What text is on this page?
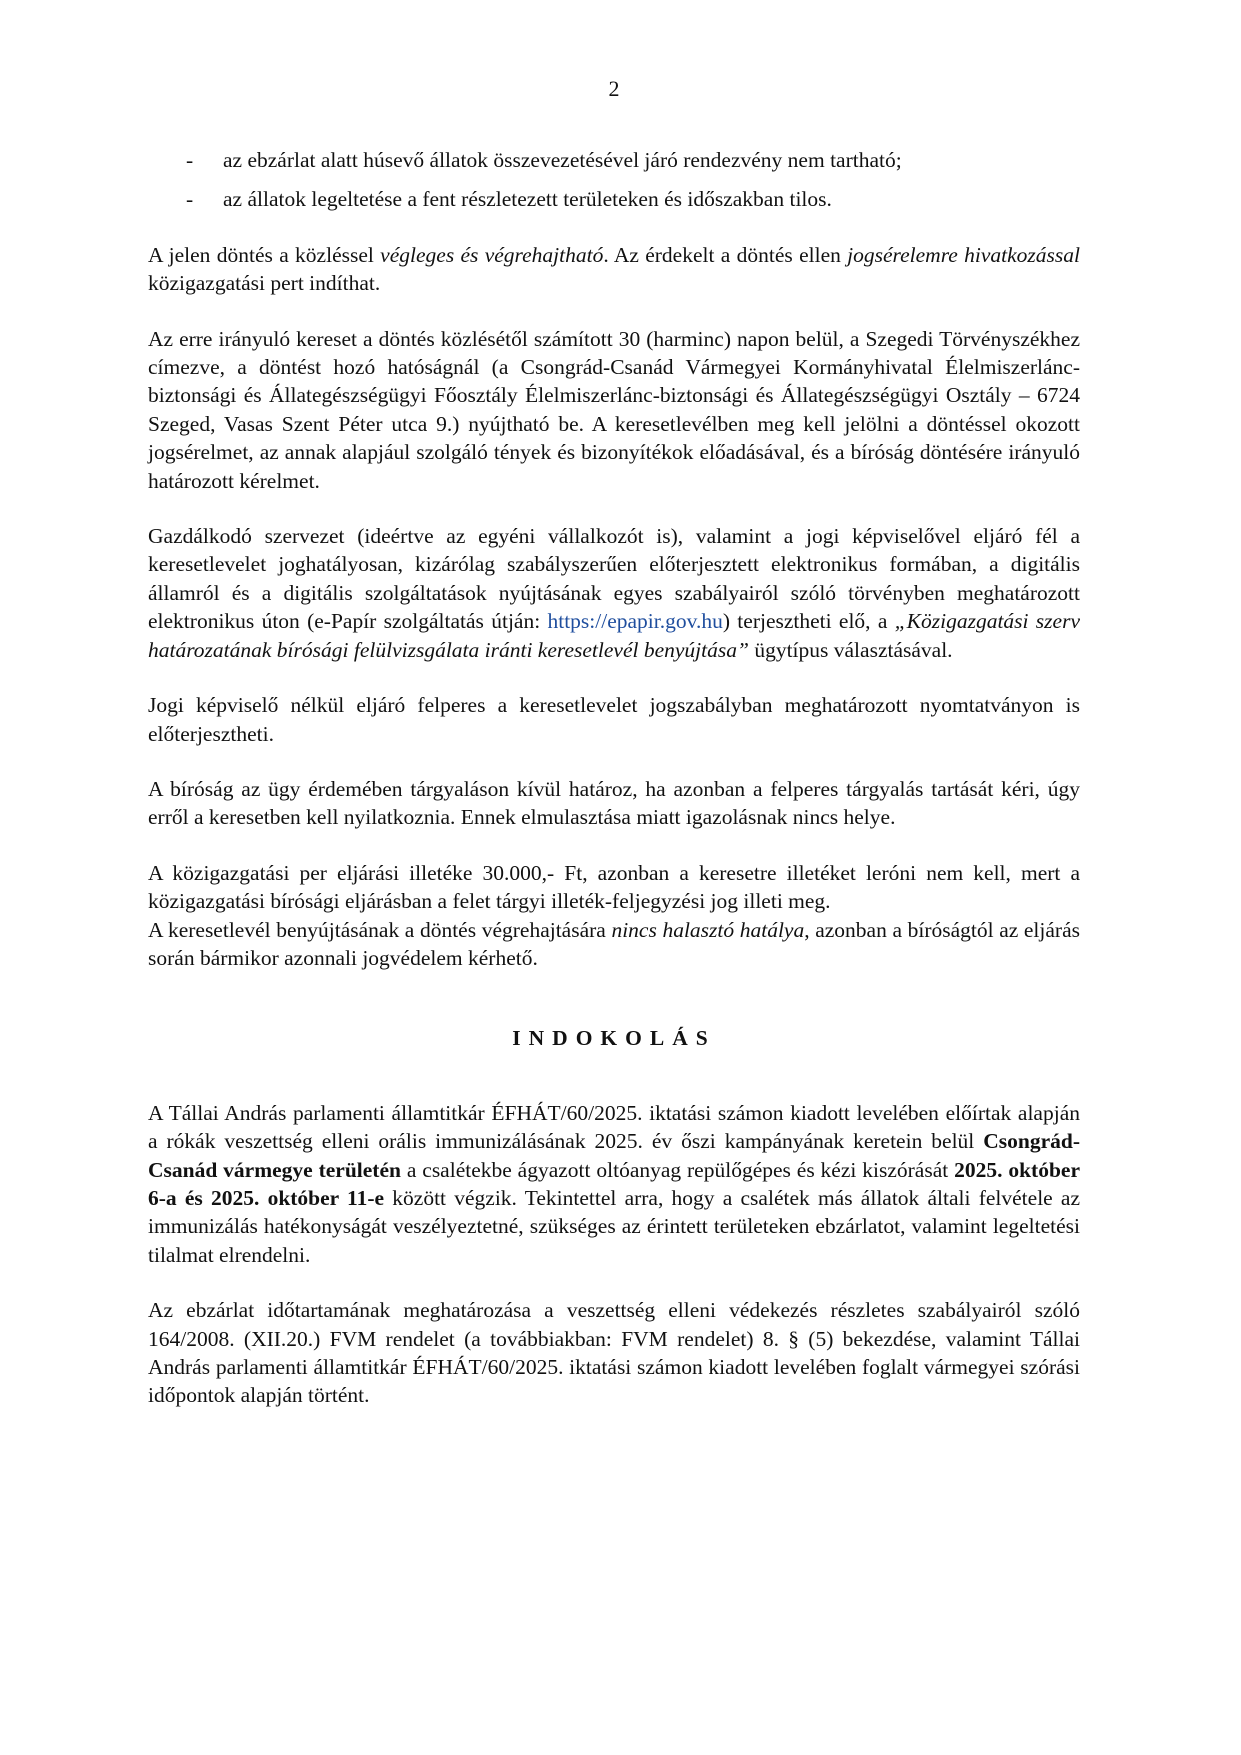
2
- az ebzárlat alatt húsevő állatok összevezetésével járó rendezvény nem tartható;
- az állatok legeltetése a fent részletezett területeken és időszakban tilos.

A jelen döntés a közléssel végleges és végrehajtható. Az érdekelt a döntés ellen jogsérelemre hivatkozással közigazgatási pert indíthat.

Az erre irányuló kereset a döntés közlésétől számított 30 (harminc) napon belül, a Szegedi Törvényszékhez címezve, a döntést hozó hatóságnál (a Csongrád-Csanád Vármegyei Kormányhivatal Élelmiszerlánc-biztonsági és Állategészségügyi Főosztály Élelmiszerlánc-biztonsági és Állategészségügyi Osztály – 6724 Szeged, Vasas Szent Péter utca 9.) nyújtható be. A keresetlevélben meg kell jelölni a döntéssel okozott jogsérelmet, az annak alapjául szolgáló tények és bizonyítékok előadásával, és a bíróság döntésére irányuló határozott kérelmet.

Gazdálkodó szervezet (ideértve az egyéni vállalkozót is), valamint a jogi képviselővel eljáró fél a keresetlevelet joghatályosan, kizárólag szabályszerűen előterjesztett elektronikus formában, a digitális államról és a digitális szolgáltatások nyújtásának egyes szabályairól szóló törvényben meghatározott elektronikus úton (e-Papír szolgáltatás útján: https://epapir.gov.hu) terjesztheti elő, a „Közigazgatási szerv határozatának bírósági felülvizsgálata iránti keresetlevél benyújtása” ügytípus választásával.

Jogi képviselő nélkül eljáró felperes a keresetlevelet jogszabályban meghatározott nyomtatványon is előterjesztheti.

A bíróság az ügy érdemében tárgyaláson kívül határoz, ha azonban a felperes tárgyalás tartását kéri, úgy erről a keresetben kell nyilatkoznia. Ennek elmulasztása miatt igazolásnak nincs helye.

A közigazgatási per eljárási illetéke 30.000,- Ft, azonban a keresetre illetéket leróni nem kell, mert a közigazgatási bírósági eljárásban a felet tárgyi illeték-feljegyzési jog illeti meg.

A keresetlevél benyújtásának a döntés végrehajtására nincs halasztó hatálya, azonban a bíróságtól az eljárás során bármikor azonnali jogvédelem kérhető.

INDOKOLÁS

A Tállai András parlamenti államtitkár ÉFHÁT/60/2025. iktatási számon kiadott levelében előírtak alapján a rókák veszettség elleni orális immunizálásának 2025. év őszi kampányának keretein belül Csongrád-Csanád vármegye területén a csalétekbe ágyazott oltóanyag repülőgépes és kézi kiszórását 2025. október 6-a és 2025. október 11-e között végzik. Tekintettel arra, hogy a csalétek más állatok általi felvétele az immunizálás hatékonyságát veszélyeztetné, szükséges az érintett területeken ebzárlatot, valamint legeltetési tilalmat elrendelni.

Az ebzárlat időtartamának meghatározása a veszettség elleni védekezés részletes szabályairól szóló 164/2008. (XII.20.) FVM rendelet (a továbbiakban: FVM rendelet) 8. § (5) bekezdése, valamint Tállai András parlamenti államtitkár ÉFHÁT/60/2025. iktatási számon kiadott levelében foglalt vármegyei szórási időpontok alapján történt.
